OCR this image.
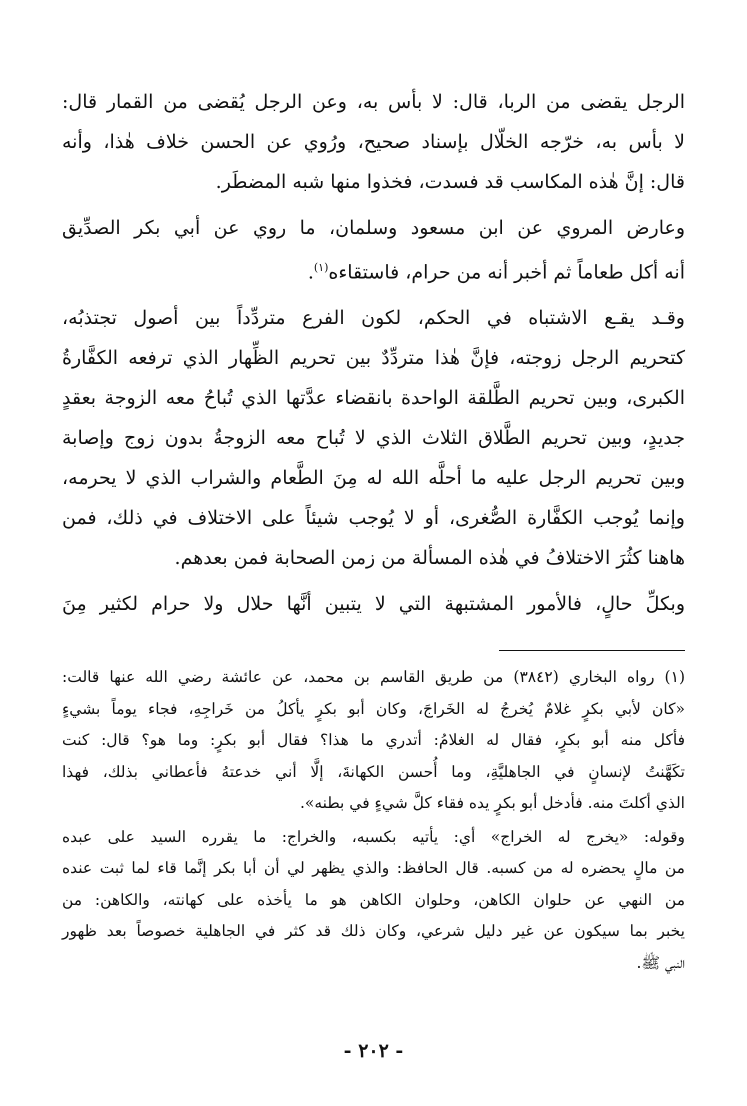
الرجل يقضى من الربا، قال: لا بأس به، وعن الرجل يُقضى من القمار قال:
لا بأس به، خرّجه الخلّال بإسناد صحيح، ورُوي عن الحسن خلاف هٰذا، وأنه
قال: إنَّ هٰذه المكاسب قد فسدت، فخذوا منها شبه المضطَر.

وعارض المروي عن ابن مسعود وسلمان، ما روي عن أبي بكر الصدِّيق
أنه أكل طعاماً ثم أخبر أنه من حرام، فاستقاءه$^{(١)}$.

وقـد يقـع الاشتباه في الحكم، لكون الفرع متردِّداً بين أصول تجتذبُه،
كتحريم الرجل زوجته، فإنَّ هٰذا متردِّدٌ بين تحريم الظِّهار الذي ترفعه الكفَّارةُ
الكبرى، وبين تحريم الطَّلقة الواحدة بانقضاء عدَّتها الذي تُباحُ معه الزوجة بعقدٍ
جديدٍ، وبين تحريم الطَّلاق الثلاث الذي لا تُباح معه الزوجةُ بدون زوج وإصابة
وبين تحريم الرجل عليه ما أحلَّه الله له مِنَ الطَّعام والشراب الذي لا يحرمه،
وإنما يُوجب الكفَّارة الصُّغرى، أو لا يُوجب شيئاً على الاختلاف في ذلك، فمن
هاهنا كثُرَ الاختلافُ في هٰذه المسألة من زمن الصحابة فمن بعدهم.

وبكلِّ حالٍ، فالأمور المشتبهة التي لا يتبين أنَّها حلال ولا حرام لكثير مِنَ

(١) رواه البخاري (٣٨٤٢) من طريق القاسم بن محمد، عن عائشة رضي الله عنها قالت:
«كان لأبي بكرٍ غلامٌ يُخرجُ له الخَراجَ، وكان أبو بكرٍ يأكلُ من خَراجِهِ، فجاء يوماً بشيءٍ
فأكل منه أبو بكرٍ، فقال له الغلامُ: أتدري ما هذا؟ فقال أبو بكرٍ: وما هو؟ قال: كنت
تكَهَّنتُ لإنسانٍ في الجاهليَّةِ، وما أُحسن الكهانةَ، إلَّا أني خدعتهُ فأعطاني بذلك، فهذا
الذي أكلتَ منه. فأدخل أبو بكرٍ يده فقاء كلَّ شيءٍ في بطنه».
وقوله: «يخرج له الخراج» أي: يأتيه بكسبه، والخراج: ما يقرره السيد على عبده
من مالٍ يحضره له من كسبه. قال الحافظ: والذي يظهر لي أن أبا بكر إنَّما قاء لما ثبت عنده
من النهي عن حلوان الكاهن، وحلوان الكاهن هو ما يأخذه على كهانته، والكاهن: من
يخبر بما سيكون عن غير دليل شرعي، وكان ذلك قد كثر في الجاهلية خصوصاً بعد ظهور
النبي ﷺ.
- ٢٠٢ -
